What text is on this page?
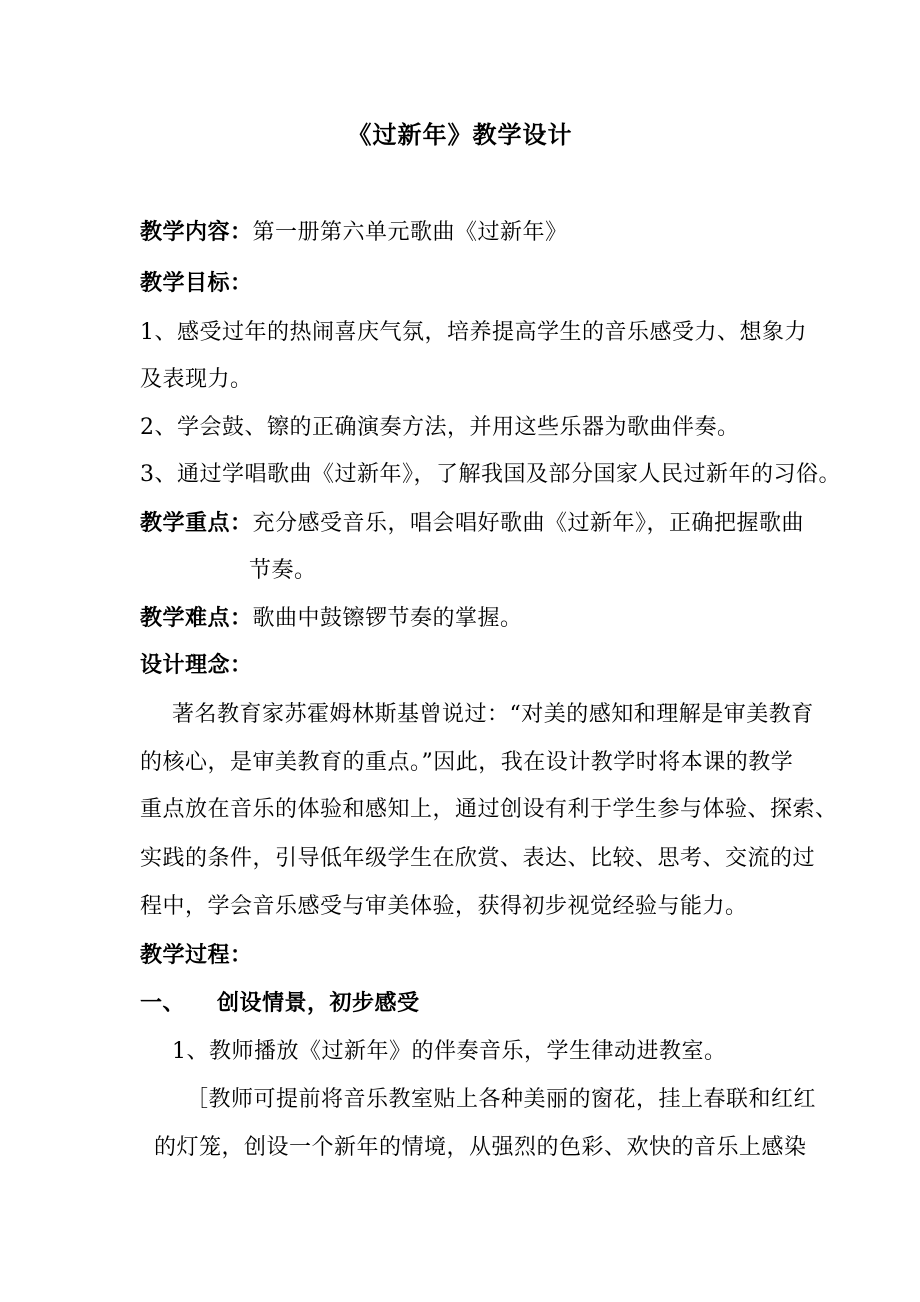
《过新年》教学设计
教学内容：第一册第六单元歌曲《过新年》
教学目标：
1、感受过年的热闹喜庆气氛，培养提高学生的音乐感受力、想象力
及表现力。
2、学会鼓、镲的正确演奏方法，并用这些乐器为歌曲伴奏。
3、通过学唱歌曲《过新年》，了解我国及部分国家人民过新年的习俗。
教学重点：充分感受音乐，唱会唱好歌曲《过新年》，正确把握歌曲
节奏。
教学难点：歌曲中鼓镲锣节奏的掌握。
设计理念：
著名教育家苏霍姆林斯基曾说过：“对美的感知和理解是审美教育
的核心，是审美教育的重点。”因此，我在设计教学时将本课的教学
重点放在音乐的体验和感知上，通过创设有利于学生参与体验、探索、
实践的条件，引导低年级学生在欣赏、表达、比较、思考、交流的过
程中，学会音乐感受与审美体验，获得初步视觉经验与能力。
教学过程：
一、 创设情景，初步感受
1、教师播放《过新年》的伴奏音乐，学生律动进教室。
［教师可提前将音乐教室贴上各种美丽的窗花，挂上春联和红红
的灯笼，创设一个新年的情境，从强烈的色彩、欢快的音乐上感染
